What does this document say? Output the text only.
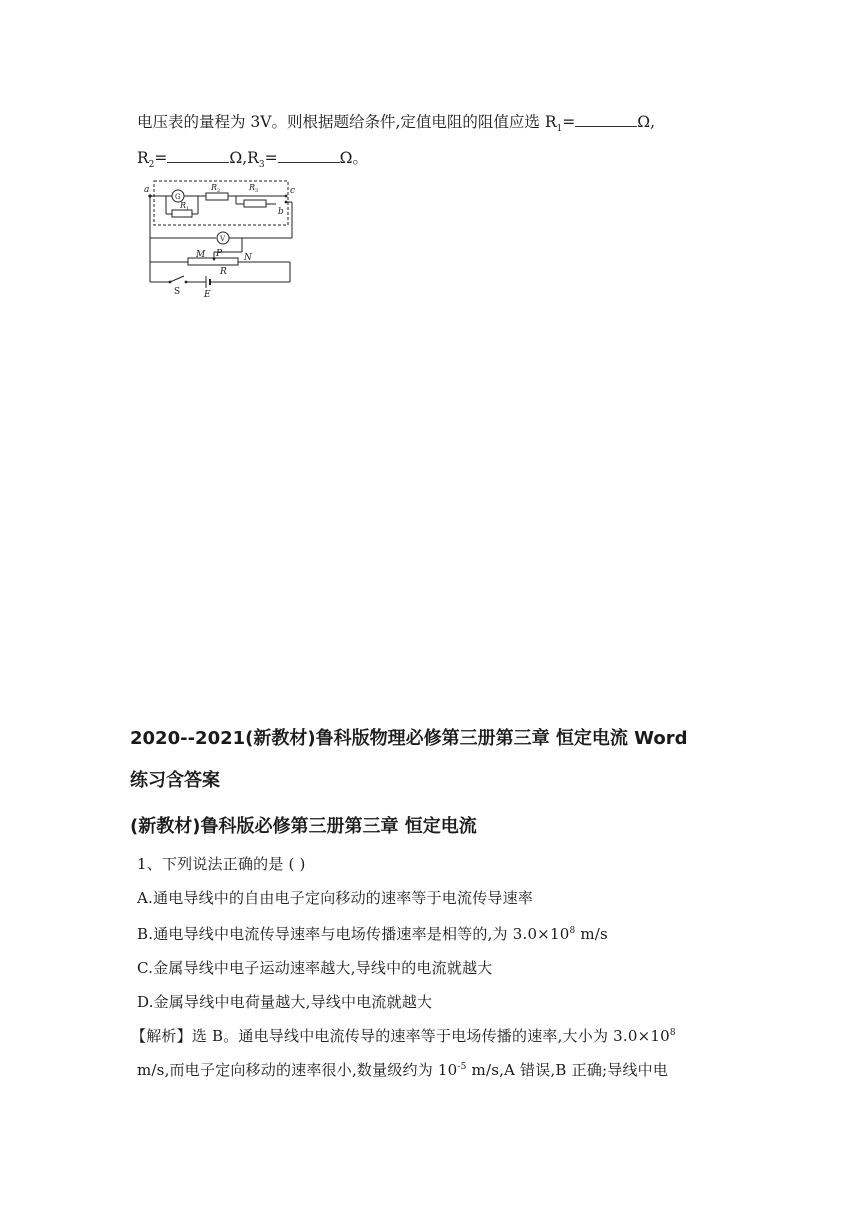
电压表的量程为 3V。则根据题给条件,定值电阻的阻值应选 $R_1=$	Ω,
$R_2=$	$\Omega,R_3=$	Ω。
a	c
b
G
R 1
R 2	R 3
V
M P N
R
S	E
2020--2021(新教材)鲁科版物理必修第三册第三章 恒定电流 Word
练习含答案
(新教材)鲁科版必修第三册第三章 恒定电流
1、下列说法正确的是 ( )
A.通电导线中的自由电子定向移动的速率等于电流传导速率
B.通电导线中电流传导速率与电场传播速率是相等的,为 $3.0\times 10^8$ m/s
C.金属导线中电子运动速率越大,导线中的电流就越大
D.金属导线中电荷量越大,导线中电流就越大
【解析】选 B。通电导线中电流传导的速率等于电场传播的速率,大小为 $3.0\times 10^8$
m/s,而电子定向移动的速率很小,数量级约为 $10^{-5}$ m/s,A 错误,B 正确;导线中电
